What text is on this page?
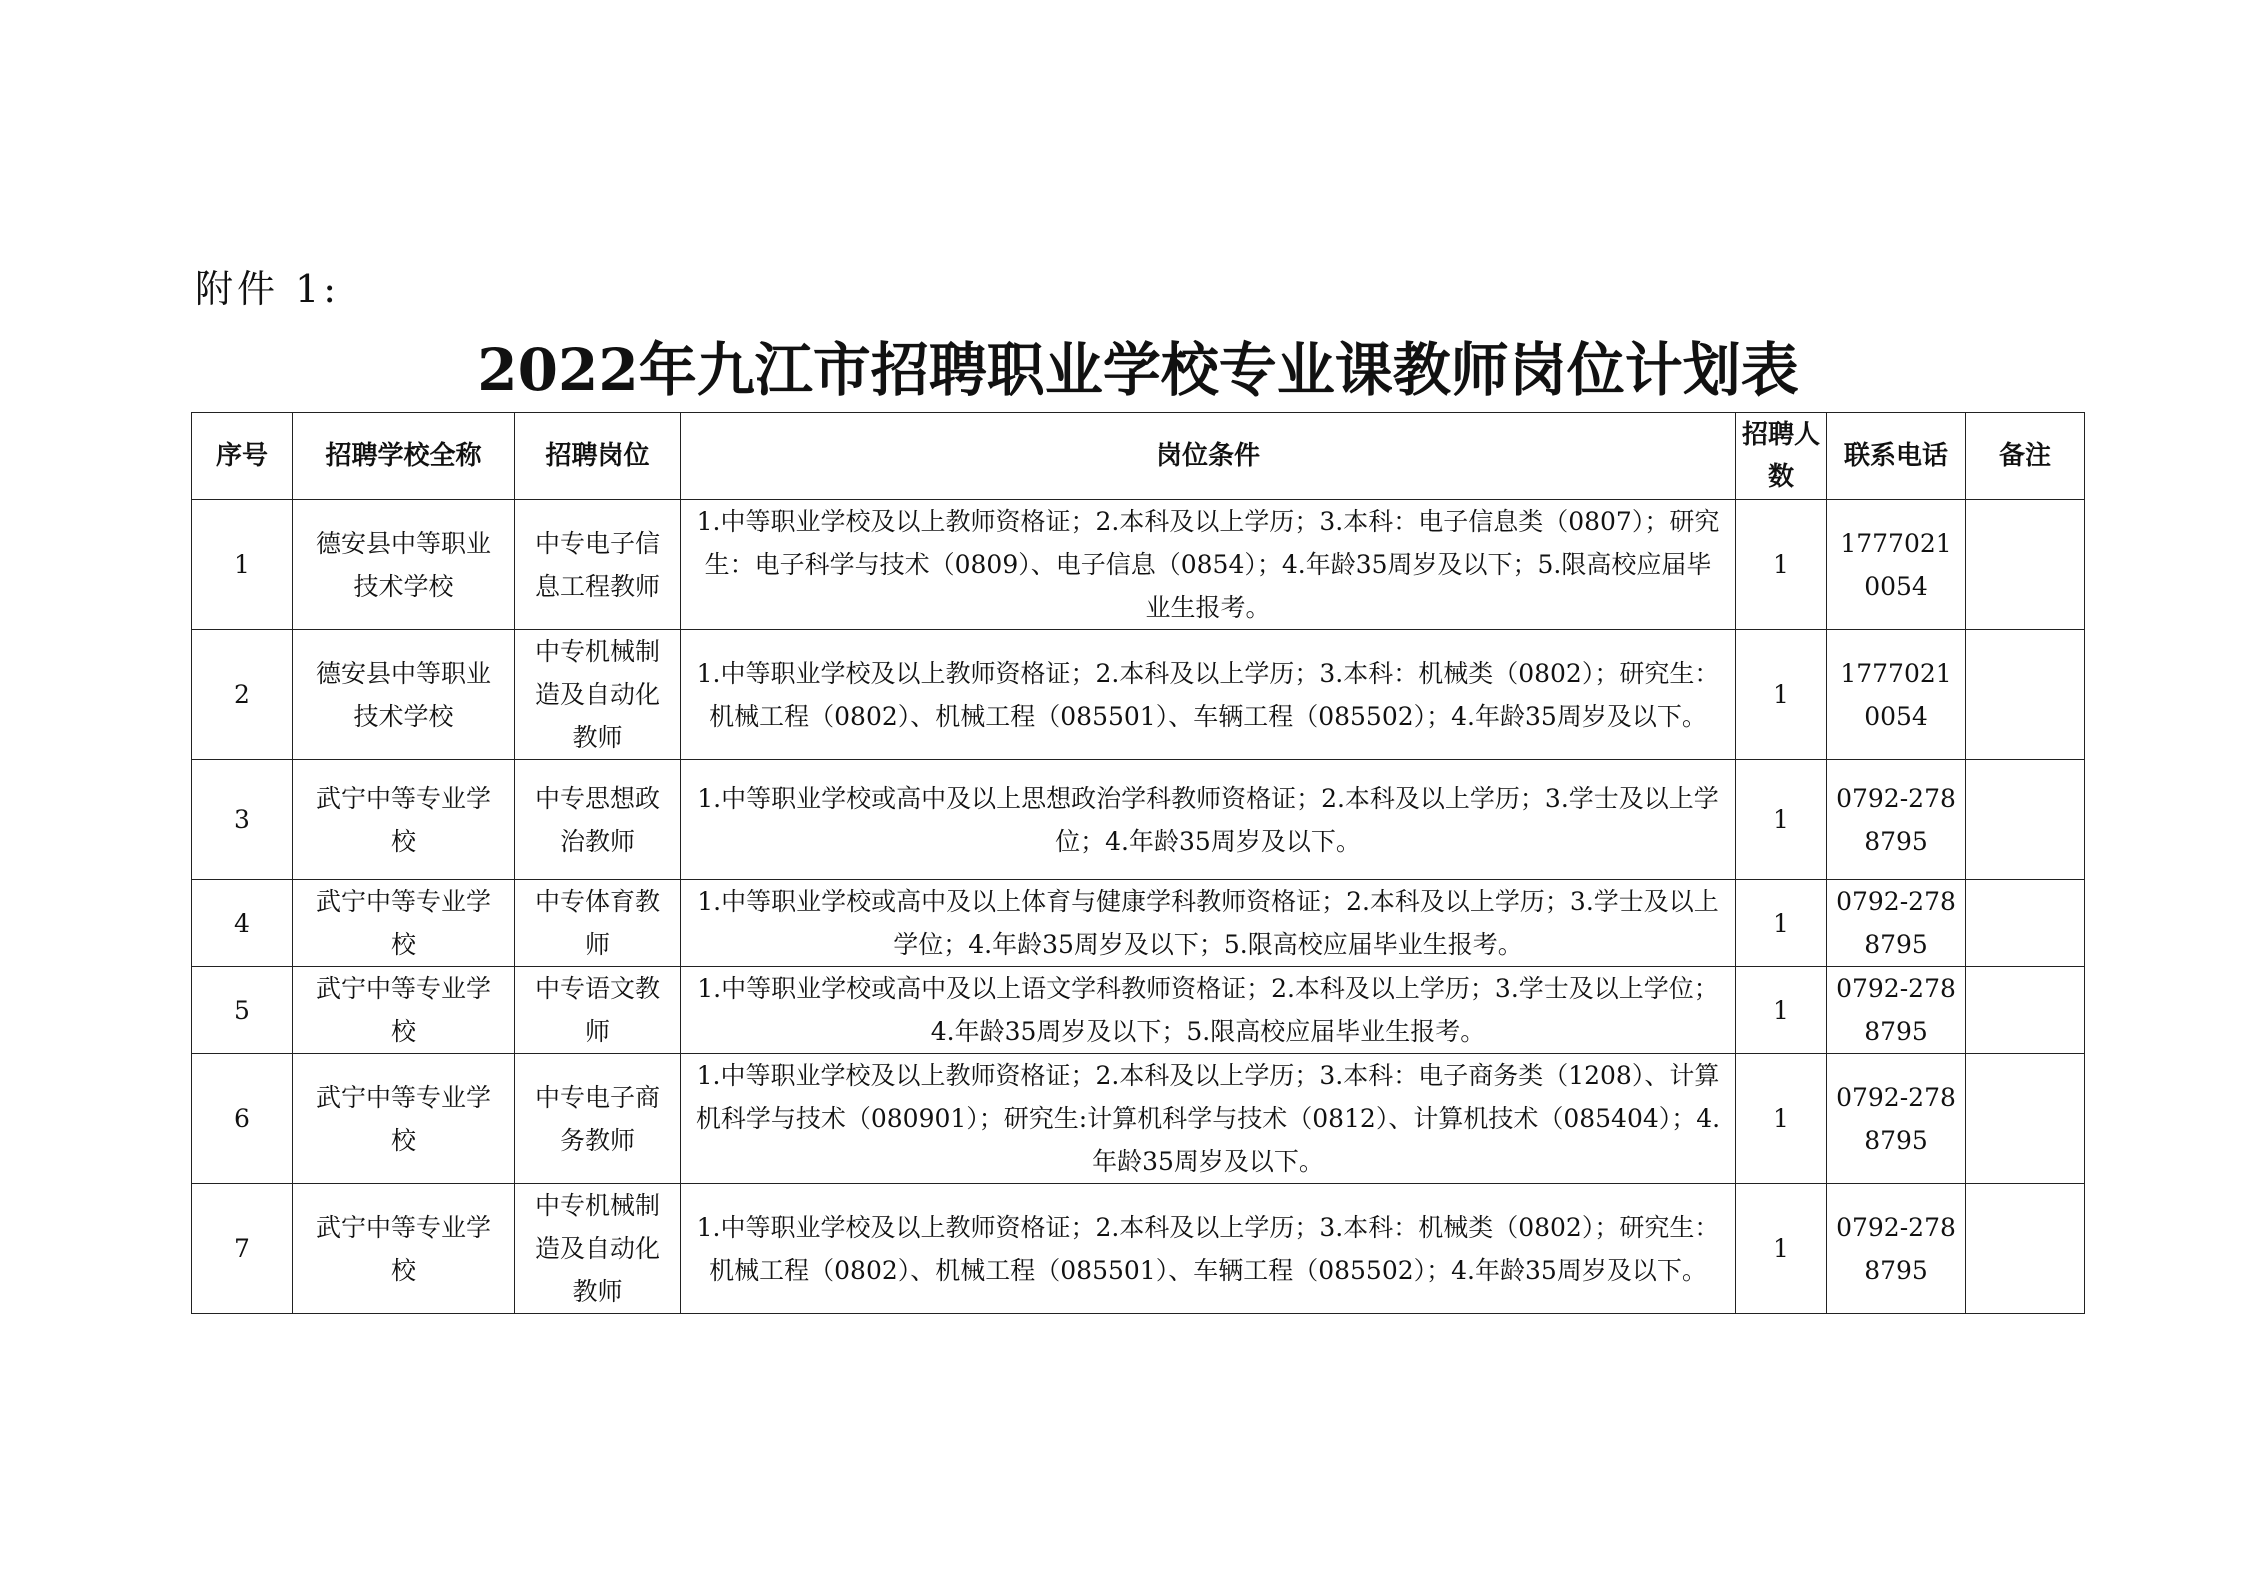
附件 1:
2022年九江市招聘职业学校专业课教师岗位计划表
序号	招聘学校全称	招聘岗位	岗位条件	招聘人数	联系电话	备注
1	德安县中等职业技术学校	中专电子信息工程教师	1.中等职业学校及以上教师资格证；2.本科及以上学历；3.本科：电子信息类（0807）；研究生：电子科学与技术（0809）、电子信息（0854）；4.年龄35周岁及以下；5.限高校应届毕业生报考。	1	17770210054	
2	德安县中等职业技术学校	中专机械制造及自动化教师	1.中等职业学校及以上教师资格证；2.本科及以上学历；3.本科：机械类（0802）；研究生：机械工程（0802）、机械工程（085501）、车辆工程（085502）；4.年龄35周岁及以下。	1	17770210054	
3	武宁中等专业学校	中专思想政治教师	1.中等职业学校或高中及以上思想政治学科教师资格证；2.本科及以上学历；3.学士及以上学位；4.年龄35周岁及以下。	1	0792-2788795	
4	武宁中等专业学校	中专体育教师	1.中等职业学校或高中及以上体育与健康学科教师资格证；2.本科及以上学历；3.学士及以上学位；4.年龄35周岁及以下；5.限高校应届毕业生报考。	1	0792-2788795	
5	武宁中等专业学校	中专语文教师	1.中等职业学校或高中及以上语文学科教师资格证；2.本科及以上学历；3.学士及以上学位；4.年龄35周岁及以下；5.限高校应届毕业生报考。	1	0792-2788795	
6	武宁中等专业学校	中专电子商务教师	1.中等职业学校及以上教师资格证；2.本科及以上学历；3.本科：电子商务类（1208）、计算机科学与技术（080901）；研究生:计算机科学与技术（0812）、计算机技术（085404）；4.年龄35周岁及以下。	1	0792-2788795	
7	武宁中等专业学校	中专机械制造及自动化教师	1.中等职业学校及以上教师资格证；2.本科及以上学历；3.本科：机械类（0802）；研究生：机械工程（0802）、机械工程（085501）、车辆工程（085502）；4.年龄35周岁及以下。	1	0792-2788795	
